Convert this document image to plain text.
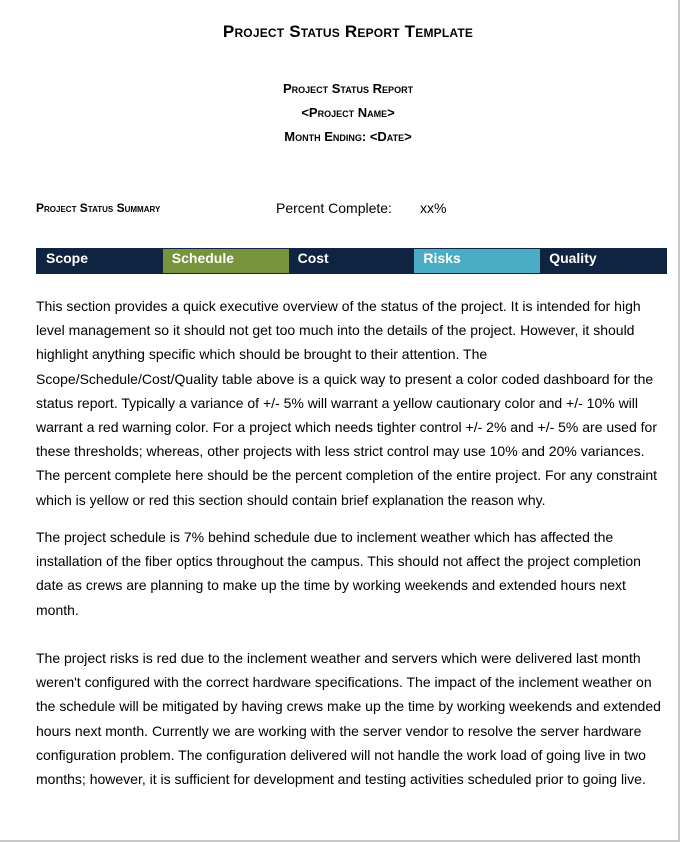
Project Status Report Template
Project Status Report
<Project Name>
Month Ending: <Date>
Project Status Summary	Percent Complete: xx%
Scope	Schedule	Cost	Risks	Quality

This section provides a quick executive overview of the status of the project. It is intended for high level management so it should not get too much into the details of the project. However, it should highlight anything specific which should be brought to their attention. The Scope/Schedule/Cost/Quality table above is a quick way to present a color coded dashboard for the status report. Typically a variance of +/- 5% will warrant a yellow cautionary color and +/- 10% will warrant a red warning color. For a project which needs tighter control +/- 2% and +/- 5% are used for these thresholds; whereas, other projects with less strict control may use 10% and 20% variances. The percent complete here should be the percent completion of the entire project. For any constraint which is yellow or red this section should contain brief explanation the reason why.

The project schedule is 7% behind schedule due to inclement weather which has affected the installation of the fiber optics throughout the campus. This should not affect the project completion date as crews are planning to make up the time by working weekends and extended hours next month.

The project risks is red due to the inclement weather and servers which were delivered last month weren't configured with the correct hardware specifications. The impact of the inclement weather on the schedule will be mitigated by having crews make up the time by working weekends and extended hours next month. Currently we are working with the server vendor to resolve the server hardware configuration problem. The configuration delivered will not handle the work load of going live in two months; however, it is sufficient for development and testing activities scheduled prior to going live.
